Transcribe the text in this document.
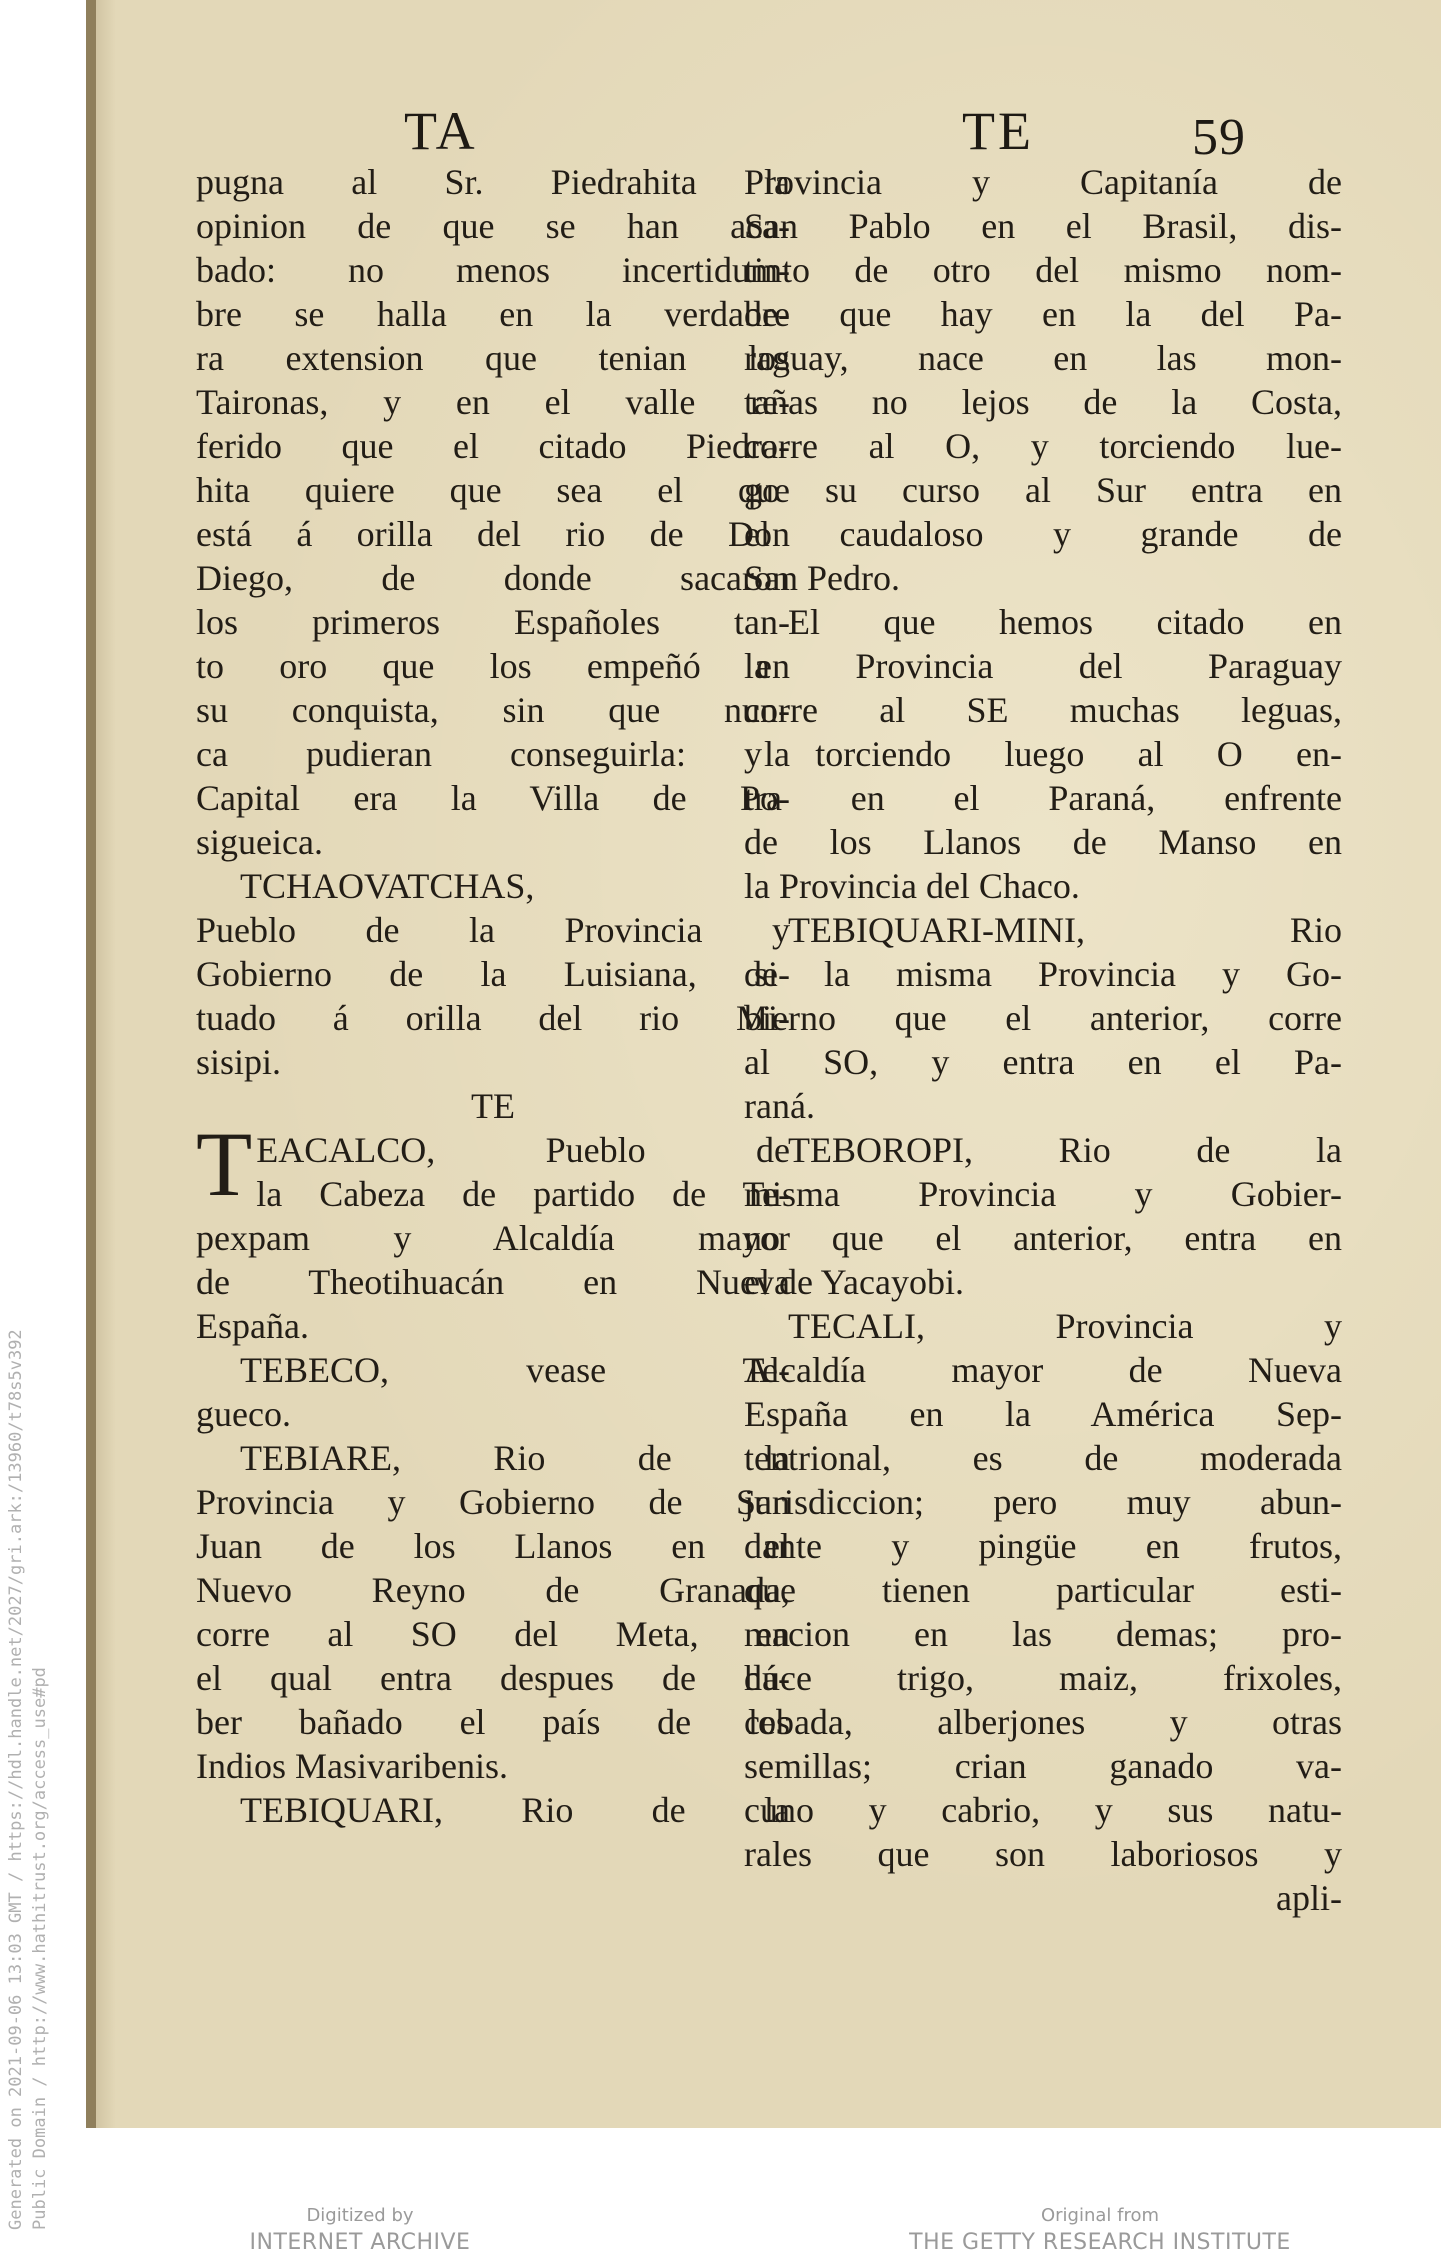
TA	TE	59
pugna al Sr. Piedrahita la
opinion de que se han aca-
bado: no menos incertidum-
bre se halla en la verdade-
ra extension que tenian los
Taironas, y en el valle re-
ferido que el citado Piedra-
hita quiere que sea el que
está á orilla del rio de Don
Diego, de donde sacaron
los primeros Españoles tan-
to oro que los empeñó en
su conquista, sin que nun-
ca pudieran conseguirla: la
Capital era la Villa de Po-
sigueica.
TCHAOVATCHAS,
Pueblo de la Provincia y
Gobierno de la Luisiana, si-
tuado á orilla del rio Mi-
sisipi.
TE
TEACALCO, Pueblo de
la Cabeza de partido de Te-
pexpam y Alcaldía mayor
de Theotihuacán en Nueva
España.
TEBECO, vease Te-
gueco.
TEBIARE, Rio de la
Provincia y Gobierno de San
Juan de los Llanos en el
Nuevo Reyno de Granada,
corre al SO del Meta, en
el qual entra despues de há-
ber bañado el país de los
Indios Masivaribenis.
TEBIQUARI, Rio de la
Provincia y Capitanía de
San Pablo en el Brasil, dis-
tinto de otro del mismo nom-
bre que hay en la del Pa-
raguay, nace en las mon-
tañas no lejos de la Costa,
corre al O, y torciendo lue-
go su curso al Sur entra en
el caudaloso y grande de
San Pedro.
El que hemos citado en
la Provincia del Paraguay
corre al SE muchas leguas,
y torciendo luego al O en-
tra en el Paraná, enfrente
de los Llanos de Manso en
la Provincia del Chaco.
TEBIQUARI-MINI, Rio
de la misma Provincia y Go-
bierno que el anterior, corre
al SO, y entra en el Pa-
raná.
TEBOROPI, Rio de la
misma Provincia y Gobier-
no que el anterior, entra en
el de Yacayobi.
TECALI, Provincia y
Alcaldía mayor de Nueva
España en la América Sep-
tentrional, es de moderada
jurisdiccion; pero muy abun-
dante y pingüe en frutos,
que tienen particular esti-
macion en las demas; pro-
duce trigo, maiz, frixoles,
cebada, alberjones y otras
semillas; crian ganado va-
cuno y cabrio, y sus natu-
rales que son laboriosos y
apli-
Generated on 2021-09-06 13:03 GMT / https://hdl.handle.net/2027/gri.ark:/13960/t78s5v392 Public Domain / http://www.hathitrust.org/access_use#pd	Digitized by
INTERNET ARCHIVE
Original from
THE GETTY RESEARCH INSTITUTE
